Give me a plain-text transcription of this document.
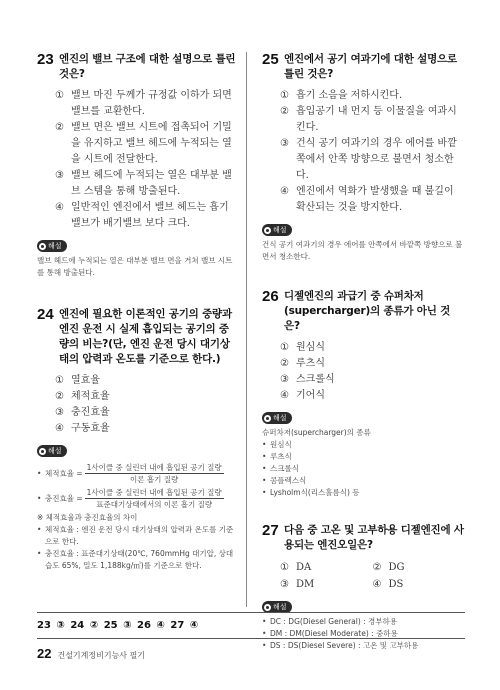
23 엔진의 밸브 구조에 대한 설명으로 틀린 것은?
① 밸브 마진 두께가 규정값 이하가 되면 밸브를 교환한다.
② 밸브 면은 밸브 시트에 접촉되어 기밀을 유지하고 밸브 헤드에 누적되는 열을 시트에 전달한다.
③ 밸브 헤드에 누적되는 열은 대부분 밸브 스템을 통해 방출된다.
④ 일반적인 엔진에서 밸브 헤드는 흡기밸브가 배기밸브 보다 크다.
해설
밸브 헤드에 누적되는 열은 대부분 밸브 면을 거쳐 밸브 시트를 통해 방출된다.
24 엔진에 필요한 이론적인 공기의 중량과 엔진 운전 시 실제 흡입되는 공기의 중량의 비는?(단, 엔진 운전 당시 대기상태의 압력과 온도를 기준으로 한다.)
① 열효율
② 체적효율
③ 충진효율
④ 구동효율
해설
• 체적효율 = $\frac{\text{1사이클 중 실린더 내에 흡입된 공기 질량}}{\text{이론 흡기 질량}}$
• 충진효율 = $\frac{\text{1사이클 중 실린더 내에 흡입된 공기 질량}}{\text{표준대기상태에서의 이론 흡기 질량}}$
※ 체적효율과 충진효율의 차이
• 체적효율 : 엔진 운전 당시 대기상태의 압력과 온도를 기준으로 한다.
• 충진효율 : 표준대기상태(20℃, 760mmHg 대기압, 상대습도 65%, 밀도 1,188kg/㎥)를 기준으로 한다.
25 엔진에서 공기 여과기에 대한 설명으로 틀린 것은?
① 흡기 소음을 저하시킨다.
② 흡입공기 내 먼지 등 이물질을 여과시킨다.
③ 건식 공기 여과기의 경우 에어를 바깥쪽에서 안쪽 방향으로 불면서 청소한다.
④ 엔진에서 역화가 발생했을 때 불길이 확산되는 것을 방지한다.
해설
건식 공기 여과기의 경우 에어를 안쪽에서 바깥쪽 방향으로 불면서 청소한다.
26 디젤엔진의 과급기 중 슈퍼차저(supercharger)의 종류가 아닌 것은?
① 원심식
② 루츠식
③ 스크롤식
④ 기어식
해설
슈퍼차저(supercharger)의 종류
• 원심식
• 루츠식
• 스크롤식
• 콤플렉스식
• Lysholm식(리스홀름식) 등
27 다음 중 고온 및 고부하용 디젤엔진에 사용되는 엔진오일은?
① DA	② DG
③ DM	④ DS
해설
• DC : DG(Diesel General) : 경부하용
• DM : DM(Diesel Moderate) : 중하용
• DS : DS(Diesel Severe) : 고온 및 고부하용
23 ③ 24 ② 25 ③ 26 ④ 27 ④
22 건설기계정비기능사 필기
